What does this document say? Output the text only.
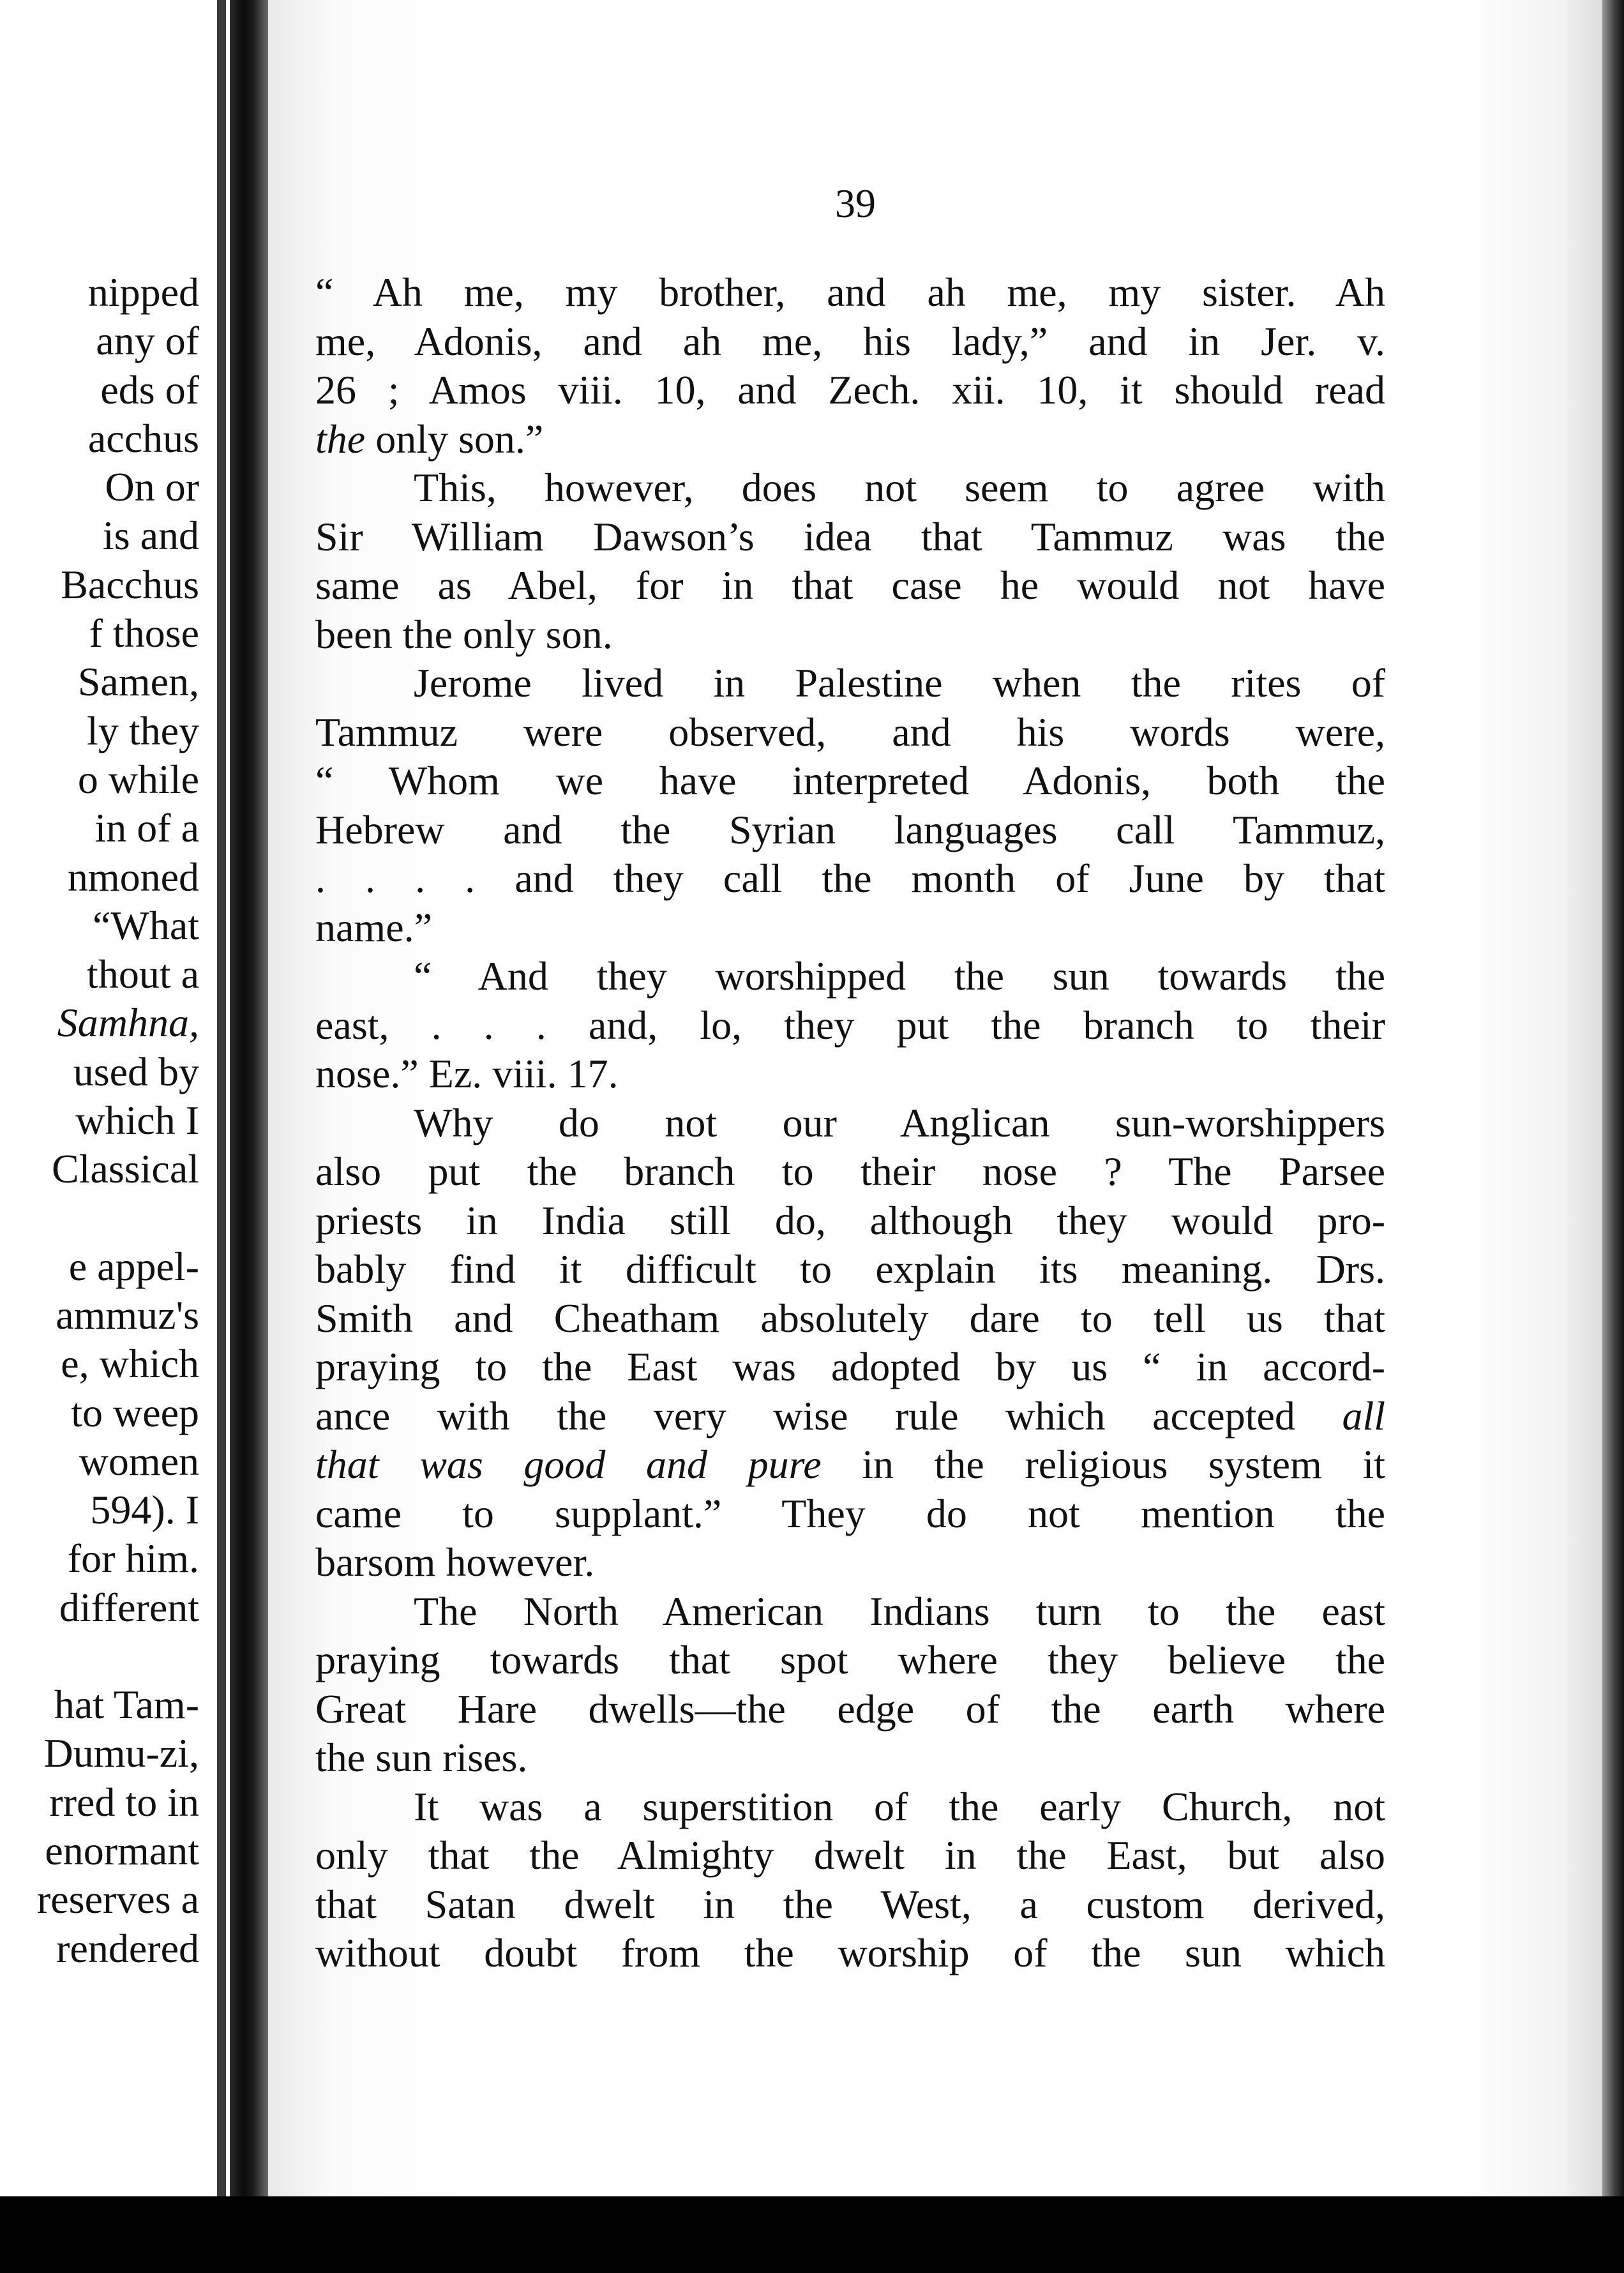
nipped
any of
eds of
acchus
On or
is and
Bacchus
f those
Samen,
ly they
o while
in of a
nmoned
“What
thout a
Samhna,
used by
which I
Classical
e appel-
ammuz's
e, which
to weep
women
594). I
for him.
different
hat Tam-
Dumu-zi,
rred to in
enormant
reserves a
rendered
39
“ Ah me, my brother, and ah me, my sister. Ah
me, Adonis, and ah me, his lady,” and in Jer. v.
26 ; Amos viii. 10, and Zech. xii. 10, it should read
the only son.”
This, however, does not seem to agree with
Sir William Dawson’s idea that Tammuz was the
same as Abel, for in that case he would not have
been the only son.
Jerome lived in Palestine when the rites of
Tammuz were observed, and his words were,
“ Whom we have interpreted Adonis, both the
Hebrew and the Syrian languages call Tammuz,
. . . . and they call the month of June by that
name.”
“ And they worshipped the sun towards the
east, . . . and, lo, they put the branch to their
nose.” Ez. viii. 17.
Why do not our Anglican sun-worshippers
also put the branch to their nose ? The Parsee
priests in India still do, although they would pro-
bably find it difficult to explain its meaning. Drs.
Smith and Cheatham absolutely dare to tell us that
praying to the East was adopted by us “ in accord-
ance with the very wise rule which accepted all
that was good and pure in the religious system it
came to supplant.” They do not mention the
barsom however.
The North American Indians turn to the east
praying towards that spot where they believe the
Great Hare dwells—the edge of the earth where
the sun rises.
It was a superstition of the early Church, not
only that the Almighty dwelt in the East, but also
that Satan dwelt in the West, a custom derived,
without doubt from the worship of the sun which
